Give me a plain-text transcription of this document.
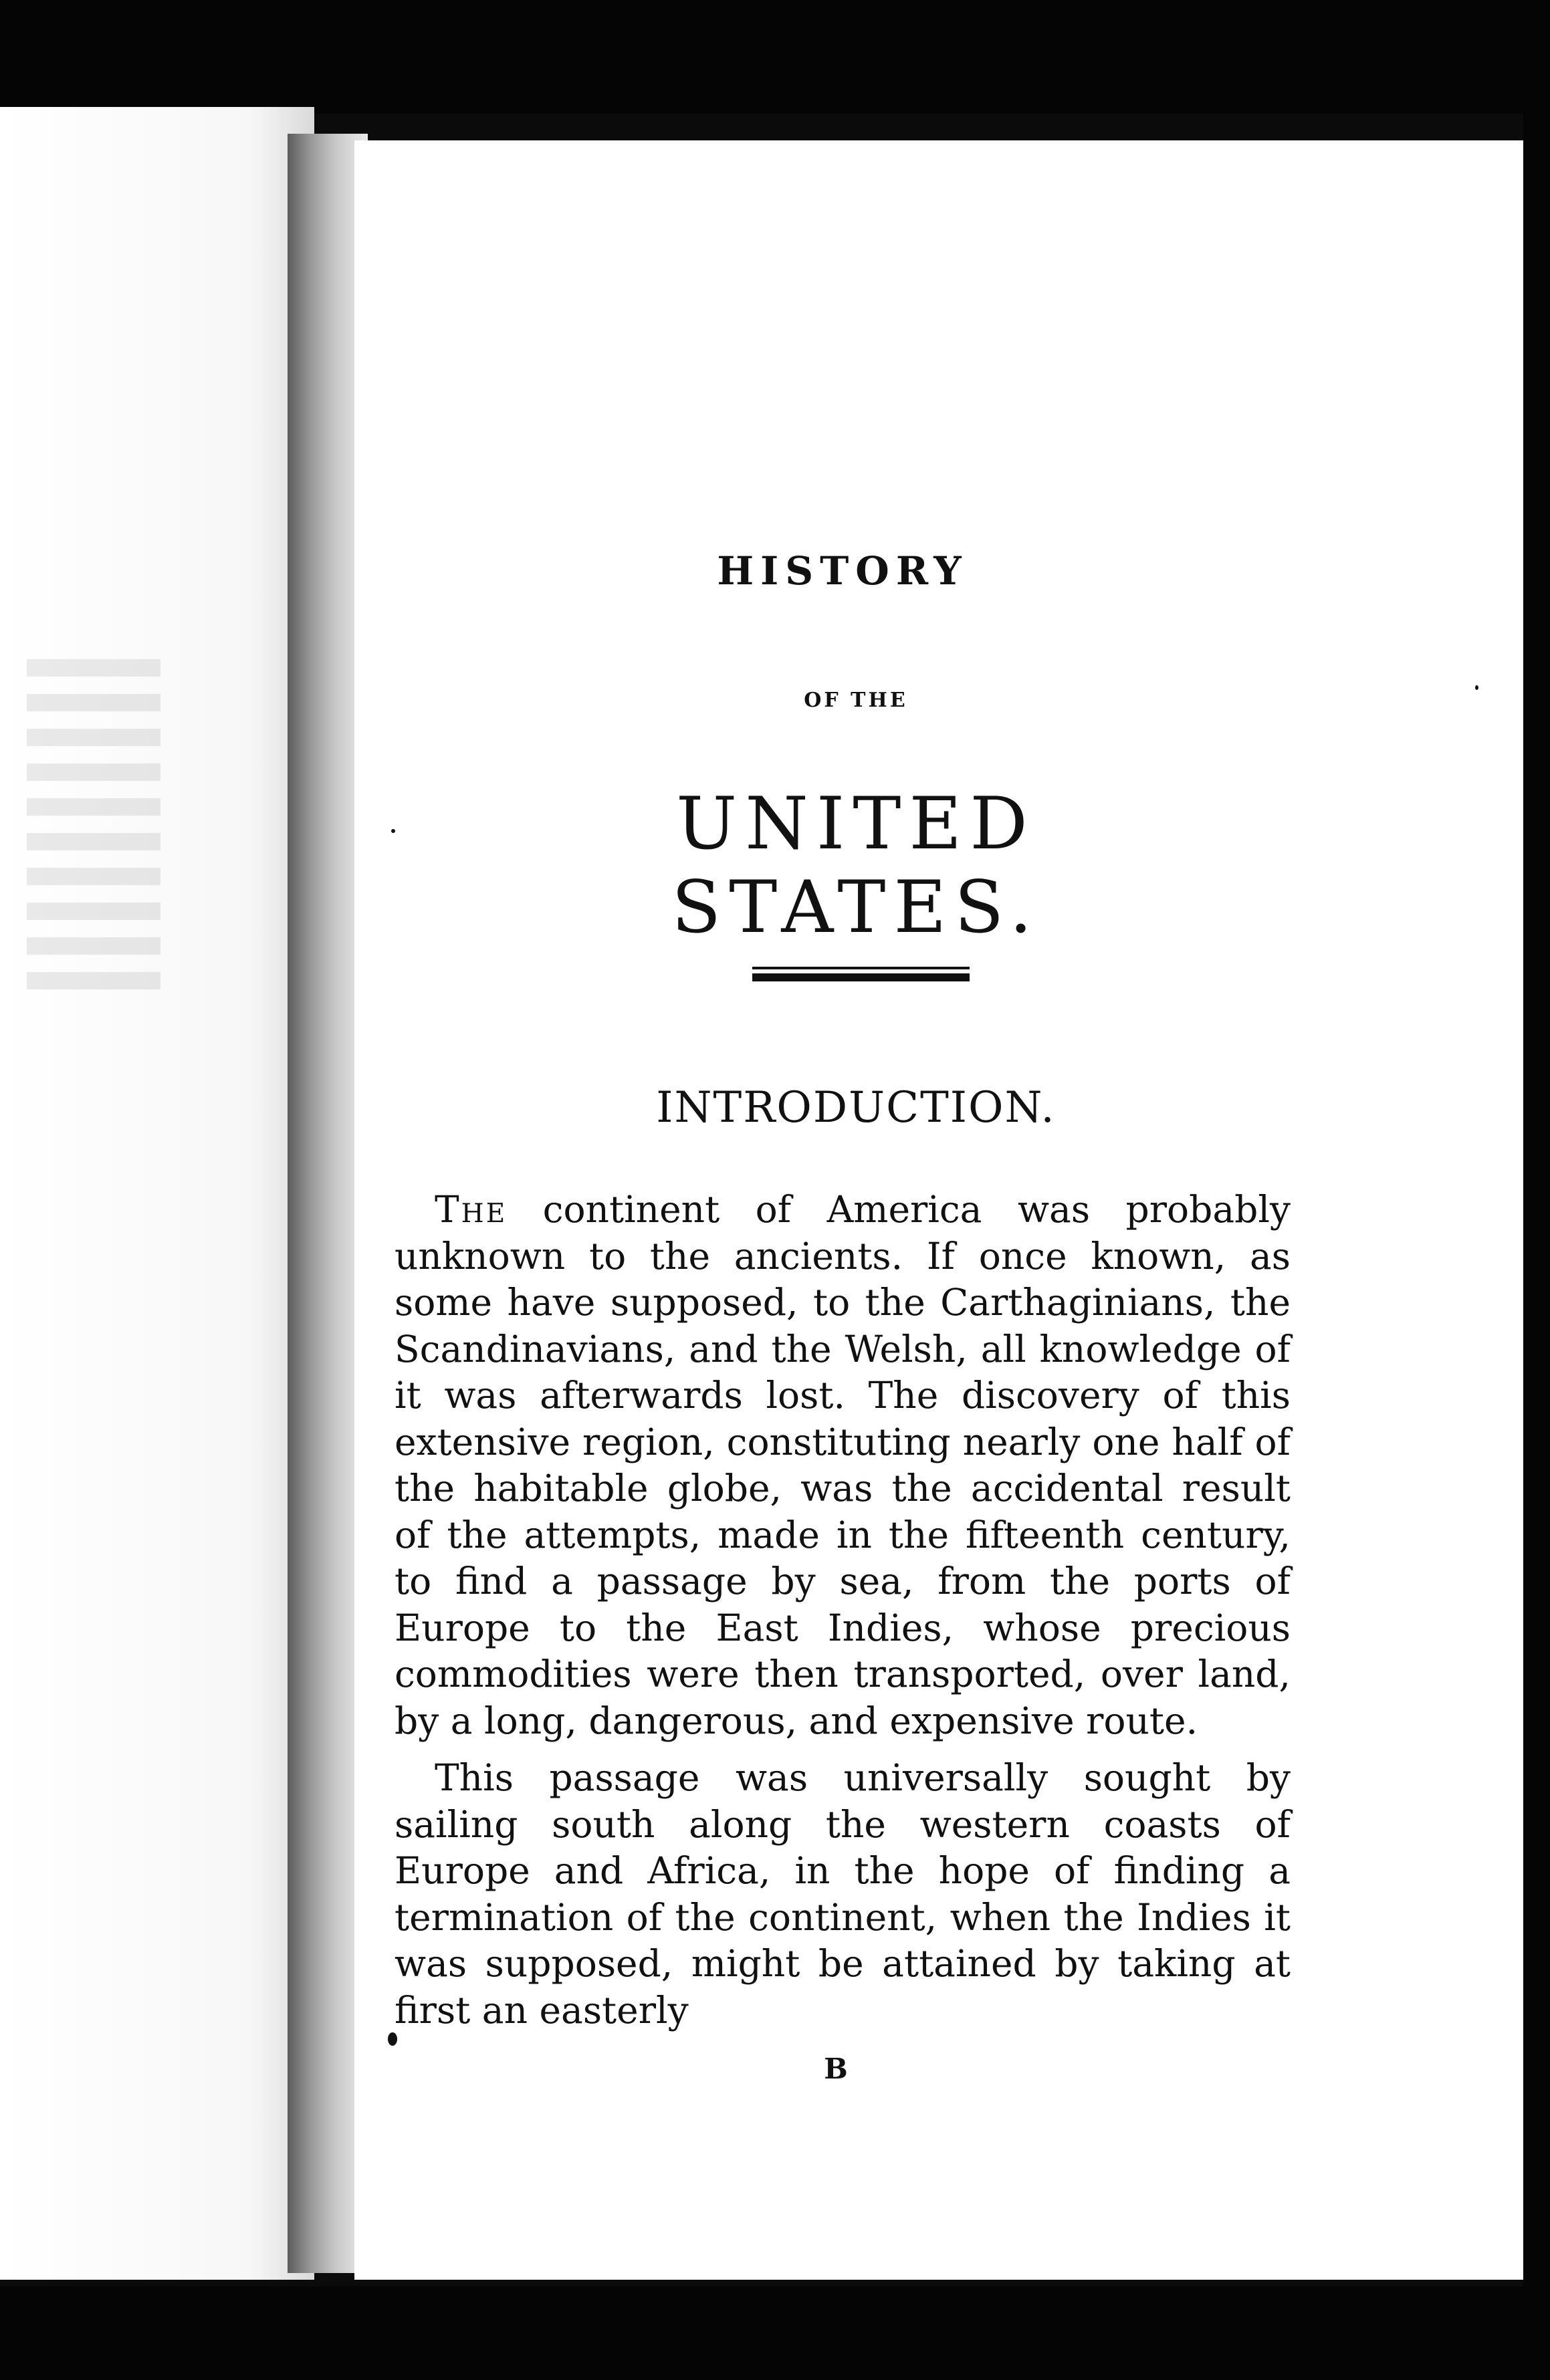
HISTORY
OF THE
UNITED STATES.
INTRODUCTION.

The continent of America was probably unknown to the ancients. If once known, as some have supposed, to the Carthaginians, the Scandinavians, and the Welsh, all knowledge of it was afterwards lost. The discovery of this extensive region, constituting nearly one half of the habitable globe, was the accidental result of the attempts, made in the fifteenth century, to find a passage by sea, from the ports of Europe to the East Indies, whose precious commodities were then transported, over land, by a long, dangerous, and expensive route.

This passage was universally sought by sailing south along the western coasts of Europe and Africa, in the hope of finding a termination of the continent, when the Indies it was supposed, might be attained by taking at first an easterly

B
